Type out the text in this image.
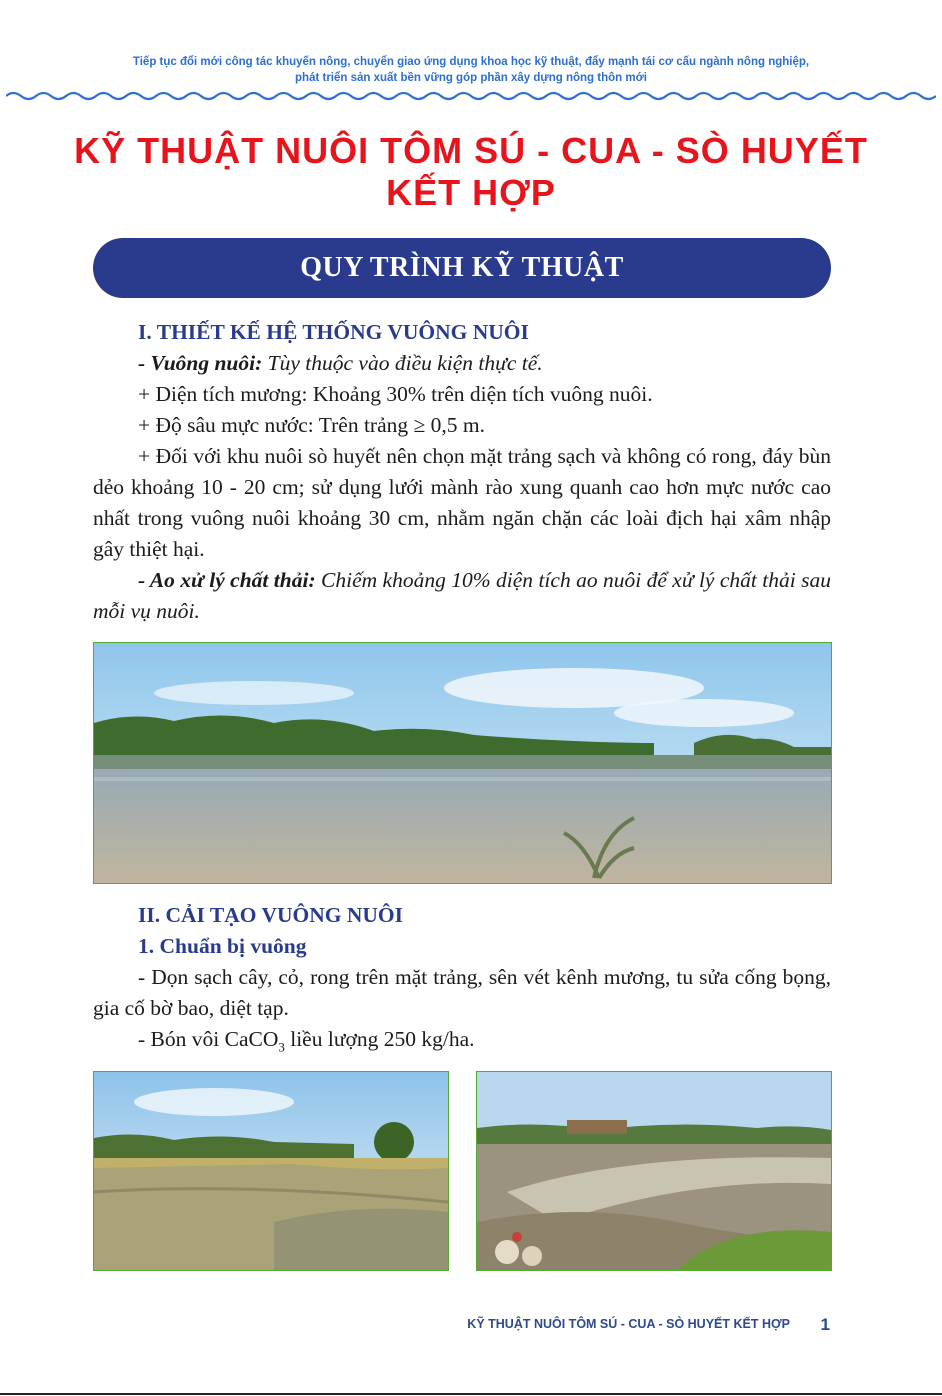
Tiếp tục đổi mới công tác khuyến nông, chuyển giao ứng dụng khoa học kỹ thuật, đẩy mạnh tái cơ cấu ngành nông nghiệp,
phát triển sản xuất bền vững góp phần xây dựng nông thôn mới
KỸ THUẬT NUÔI TÔM SÚ - CUA - SÒ HUYẾT
KẾT HỢP
QUY TRÌNH KỸ THUẬT

I. THIẾT KẾ HỆ THỐNG VUÔNG NUÔI

- Vuông nuôi: Tùy thuộc vào điều kiện thực tế.

+ Diện tích mương: Khoảng 30% trên diện tích vuông nuôi.

+ Độ sâu mực nước: Trên trảng ≥ 0,5 m.

+ Đối với khu nuôi sò huyết nên chọn mặt trảng sạch và không có rong, đáy bùn dẻo khoảng 10 - 20 cm; sử dụng lưới mành rào xung quanh cao hơn mực nước cao nhất trong vuông nuôi khoảng 30 cm, nhằm ngăn chặn các loài địch hại xâm nhập gây thiệt hại.

- Ao xử lý chất thải: Chiếm khoảng 10% diện tích ao nuôi để xử lý chất thải sau mỗi vụ nuôi.

II. CẢI TẠO VUÔNG NUÔI

1. Chuẩn bị vuông

- Dọn sạch cây, cỏ, rong trên mặt trảng, sên vét kênh mương, tu sửa cống bọng, gia cố bờ bao, diệt tạp.

- Bón vôi CaCO$_3$ liều lượng 250 kg/ha.

KỸ THUẬT NUÔI TÔM SÚ - CUA - SÒ HUYẾT KẾT HỢP 1
